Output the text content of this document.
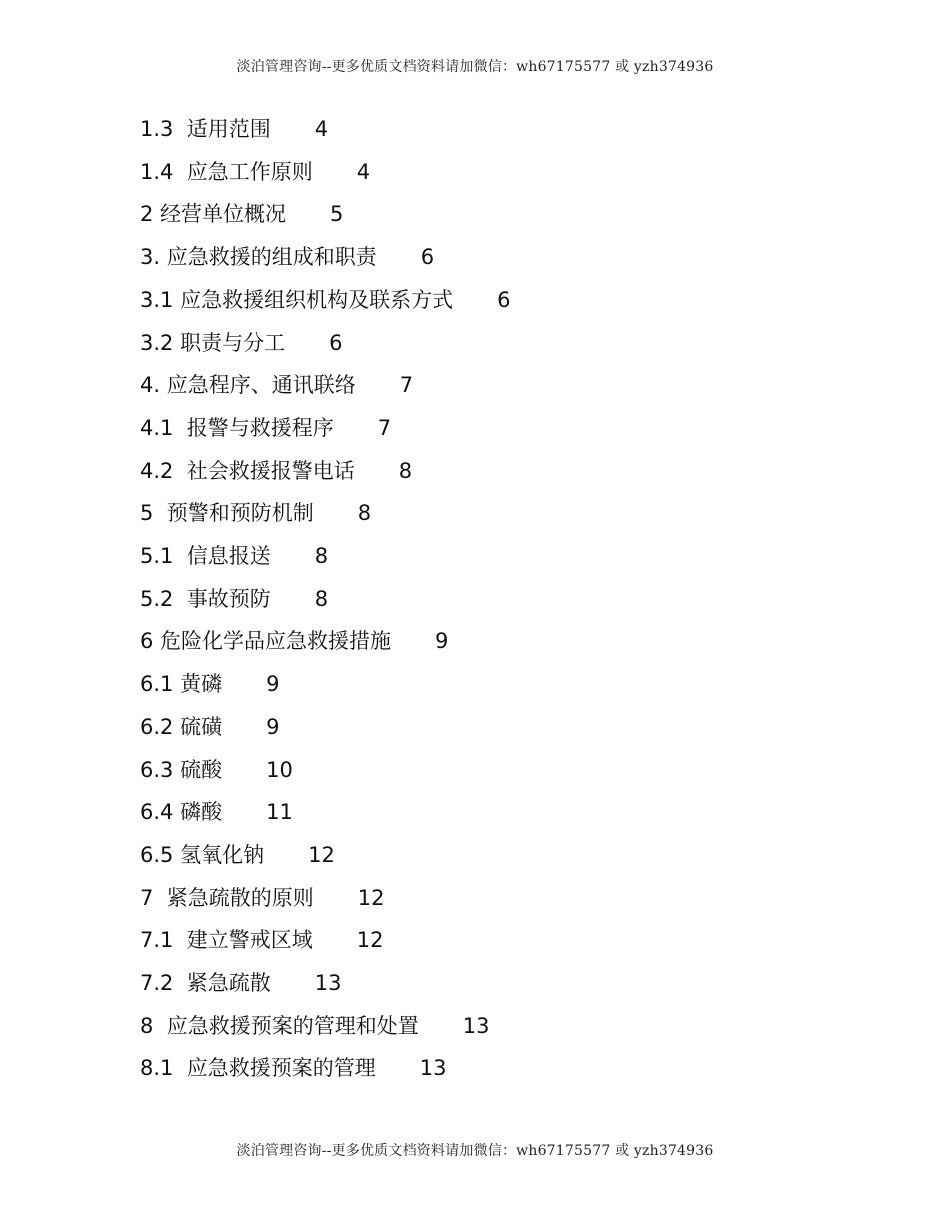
淡泊管理咨询--更多优质文档资料请加微信：wh67175577 或 yzh374936
1.3  适用范围 4
1.4  应急工作原则 4
2 经营单位概况 5
3. 应急救援的组成和职责 6
3.1 应急救援组织机构及联系方式 6
3.2 职责与分工 6
4. 应急程序、通讯联络 7
4.1  报警与救援程序 7
4.2  社会救援报警电话 8
5  预警和预防机制 8
5.1  信息报送 8
5.2  事故预防 8
6 危险化学品应急救援措施 9
6.1 黄磷 9
6.2 硫磺 9
6.3 硫酸 10
6.4 磷酸 11
6.5 氢氧化钠 12
7  紧急疏散的原则 12
7.1  建立警戒区域 12
7.2  紧急疏散 13
8  应急救援预案的管理和处置 13
8.1  应急救援预案的管理 13
淡泊管理咨询--更多优质文档资料请加微信：wh67175577 或 yzh374936
